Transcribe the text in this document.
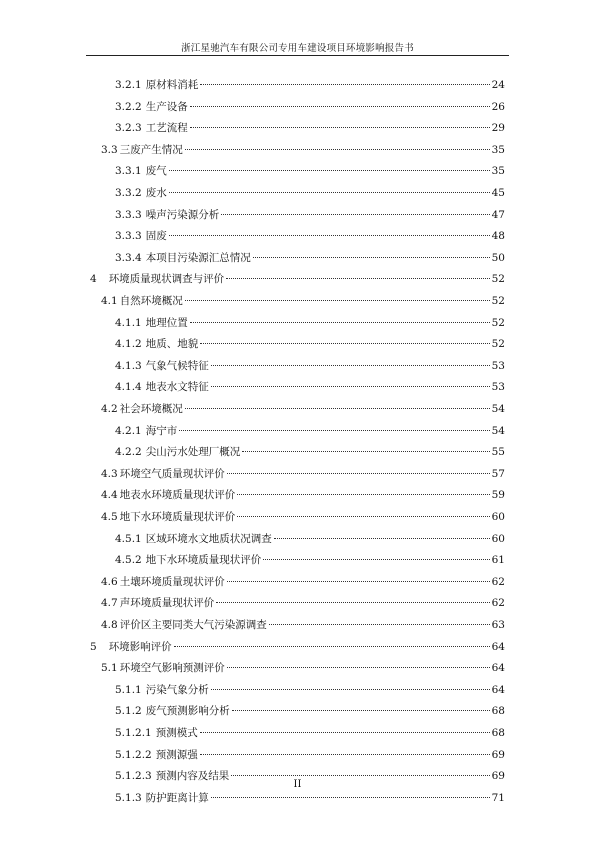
浙江星驰汽车有限公司专用车建设项目环境影响报告书
3.2.1 原材料消耗	24
3.2.2 生产设备	26
3.2.3 工艺流程	29
3.3 三废产生情况	35
3.3.1 废气	35
3.3.2 废水	45
3.3.3 噪声污染源分析	47
3.3.3 固废	48
3.3.4 本项目污染源汇总情况	50
4 环境质量现状调查与评价	52
4.1 自然环境概况	52
4.1.1 地理位置	52
4.1.2 地质、地貌	52
4.1.3 气象气候特征	53
4.1.4 地表水文特征	53
4.2 社会环境概况	54
4.2.1 海宁市	54
4.2.2 尖山污水处理厂概况	55
4.3 环境空气质量现状评价	57
4.4 地表水环境质量现状评价	59
4.5 地下水环境质量现状评价	60
4.5.1 区域环境水文地质状况调查	60
4.5.2 地下水环境质量现状评价	61
4.6 土壤环境质量现状评价	62
4.7 声环境质量现状评价	62
4.8 评价区主要同类大气污染源调查	63
5 环境影响评价	64
5.1 环境空气影响预测评价	64
5.1.1 污染气象分析	64
5.1.2 废气预测影响分析	68
5.1.2.1 预测模式	68
5.1.2.2 预测源强	69
5.1.2.3 预测内容及结果	69
5.1.3 防护距离计算	71
II
